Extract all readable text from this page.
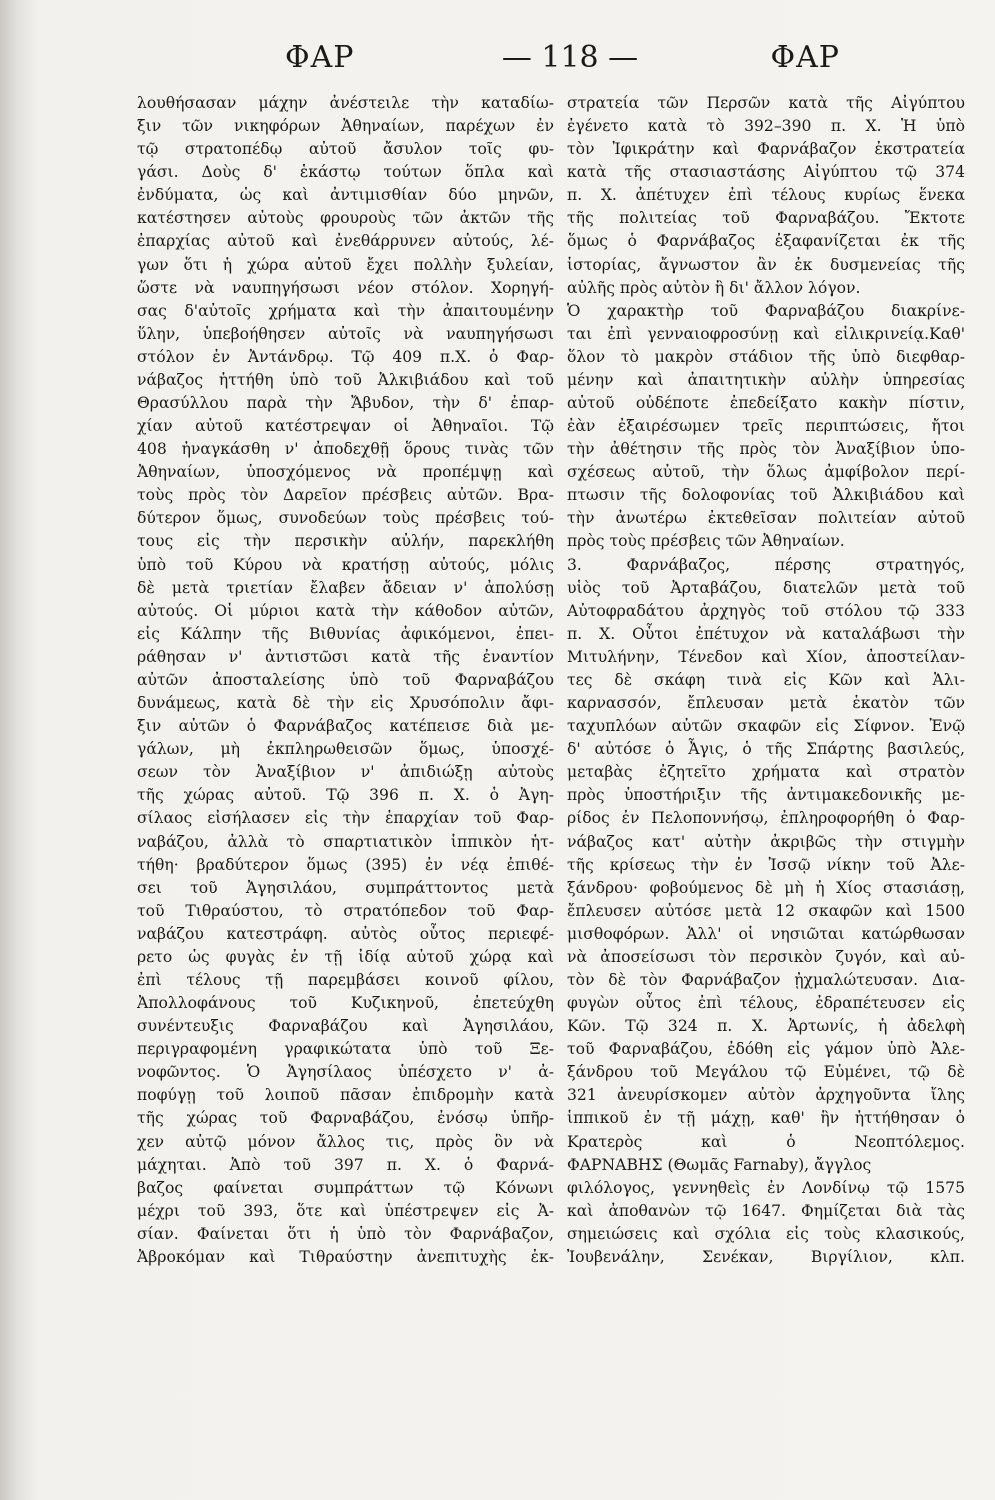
ΦΑΡ	— 118 —	ΦΑΡ
λουθήσασαν μάχην ἀνέστειλε τὴν καταδίω-
ξιν τῶν νικηφόρων Ἀθηναίων, παρέχων ἐν
τῷ στρατοπέδῳ αὐτοῦ ἄσυλον τοῖς φυ-
γάσι. Δοὺς δ' ἑκάστῳ τούτων ὅπλα καὶ
ἐνδύματα, ὡς καὶ ἀντιμισθίαν δύο μηνῶν,
κατέστησεν αὐτοὺς φρουροὺς τῶν ἀκτῶν τῆς
ἐπαρχίας αὐτοῦ καὶ ἐνεθάρρυνεν αὐτούς, λέ-
γων ὅτι ἡ χώρα αὐτοῦ ἔχει πολλὴν ξυλείαν,
ὥστε νὰ ναυπηγήσωσι νέον στόλον. Χορηγή-
σας δ'αὐτοῖς χρήματα καὶ τὴν ἀπαιτουμένην
ὕλην, ὑπεβοήθησεν αὐτοῖς νὰ ναυπηγήσωσι
στόλον ἐν Ἀντάνδρῳ. Τῷ 409 π.Χ. ὁ Φαρ-
νάβαζος ἡττήθη ὑπὸ τοῦ Ἀλκιβιάδου καὶ τοῦ
Θρασύλλου παρὰ τὴν Ἄβυδον, τὴν δ' ἐπαρ-
χίαν αὐτοῦ κατέστρεψαν οἱ Ἀθηναῖοι. Τῷ
408 ἠναγκάσθη ν' ἀποδεχθῇ ὅρους τινὰς τῶν
Ἀθηναίων, ὑποσχόμενος νὰ προπέμψῃ καὶ
τοὺς πρὸς τὸν Δαρεῖον πρέσβεις αὐτῶν. Βρα-
δύτερον ὅμως, συνοδεύων τοὺς πρέσβεις τού-
τους εἰς τὴν περσικὴν αὐλήν, παρεκλήθη
ὑπὸ τοῦ Κύρου νὰ κρατήσῃ αὐτούς, μόλις
δὲ μετὰ τριετίαν ἔλαβεν ἄδειαν ν' ἀπολύσῃ
αὐτούς. Οἱ μύριοι κατὰ τὴν κάθοδον αὐτῶν,
εἰς Κάλπην τῆς Βιθυνίας ἀφικόμενοι, ἐπει-
ράθησαν ν' ἀντιστῶσι κατὰ τῆς ἐναντίον
αὐτῶν ἀποσταλείσης ὑπὸ τοῦ Φαρναβάζου
δυνάμεως, κατὰ δὲ τὴν εἰς Χρυσόπολιν ἄφι-
ξιν αὐτῶν ὁ Φαρνάβαζος κατέπεισε διὰ με-
γάλων, μὴ ἐκπληρωθεισῶν ὅμως, ὑποσχέ-
σεων τὸν Ἀναξίβιον ν' ἀπιδιώξῃ αὐτοὺς
τῆς χώρας αὐτοῦ. Τῷ 396 π. Χ. ὁ Ἀγη-
σίλαος εἰσήλασεν εἰς τὴν ἐπαρχίαν τοῦ Φαρ-
ναβάζου, ἀλλὰ τὸ σπαρτιατικὸν ἱππικὸν ἡτ-
τήθη· βραδύτερον ὅμως (395) ἐν νέᾳ ἐπιθέ-
σει τοῦ Ἀγησιλάου, συμπράττοντος μετὰ
τοῦ Τιθραύστου, τὸ στρατόπεδον τοῦ Φαρ-
ναβάζου κατεστράφη. αὐτὸς οὗτος περιεφέ-
ρετο ὡς φυγὰς ἐν τῇ ἰδίᾳ αὐτοῦ χώρᾳ καὶ
ἐπὶ τέλους τῇ παρεμβάσει κοινοῦ φίλου,
Ἀπολλοφάνους τοῦ Κυζικηνοῦ, ἐπετεύχθη
συνέντευξις Φαρναβάζου καὶ Ἀγησιλάου,
περιγραφομένη γραφικώτατα ὑπὸ τοῦ Ξε-
νοφῶντος. Ὁ Ἀγησίλαος ὑπέσχετο ν' ἀ-
ποφύγῃ τοῦ λοιποῦ πᾶσαν ἐπιδρομὴν κατὰ
τῆς χώρας τοῦ Φαρναβάζου, ἐνόσῳ ὑπῆρ-
χεν αὐτῷ μόνον ἄλλος τις, πρὸς ὃν νὰ
μάχηται. Ἀπὸ τοῦ 397 π. Χ. ὁ Φαρνά-
βαζος φαίνεται συμπράττων τῷ Κόνωνι
μέχρι τοῦ 393, ὅτε καὶ ὑπέστρεψεν εἰς Ἀ-
σίαν. Φαίνεται ὅτι ἡ ὑπὸ τὸν Φαρνάβαζον,
Ἀβροκόμαν καὶ Τιθραύστην ἀνεπιτυχὴς ἐκ-
στρατεία τῶν Περσῶν κατὰ τῆς Αἰγύπτου
ἐγένετο κατὰ τὸ 392–390 π. Χ. Ἡ ὑπὸ
τὸν Ἰφικράτην καὶ Φαρνάβαζον ἐκστρατεία
κατὰ τῆς στασιαστάσης Αἰγύπτου τῷ 374
π. Χ. ἀπέτυχεν ἐπὶ τέλους κυρίως ἕνεκα
τῆς πολιτείας τοῦ Φαρναβάζου. Ἔκτοτε
ὅμως ὁ Φαρνάβαζος ἐξαφανίζεται ἐκ τῆς
ἱστορίας, ἄγνωστον ἂν ἐκ δυσμενείας τῆς
αὐλῆς πρὸς αὐτὸν ἢ δι' ἄλλον λόγον.
Ὁ χαρακτὴρ τοῦ Φαρναβάζου διακρίνε-
ται ἐπὶ γενναιοφροσύνῃ καὶ εἰλικρινείᾳ.Καθ'
ὅλον τὸ μακρὸν στάδιον τῆς ὑπὸ διεφθαρ-
μένην καὶ ἀπαιτητικὴν αὐλὴν ὑπηρεσίας
αὐτοῦ οὐδέποτε ἐπεδείξατο κακὴν πίστιν,
ἐὰν ἐξαιρέσωμεν τρεῖς περιπτώσεις, ἤτοι
τὴν ἀθέτησιν τῆς πρὸς τὸν Ἀναξίβιον ὑπο-
σχέσεως αὐτοῦ, τὴν ὅλως ἀμφίβολον περί-
πτωσιν τῆς δολοφονίας τοῦ Ἀλκιβιάδου καὶ
τὴν ἀνωτέρω ἐκτεθεῖσαν πολιτείαν αὐτοῦ
πρὸς τοὺς πρέσβεις τῶν Ἀθηναίων.
3. Φαρνάβαζος, πέρσης στρατηγός,
υἱὸς τοῦ Ἀρταβάζου, διατελῶν μετὰ τοῦ
Αὐτοφραδάτου ἀρχηγὸς τοῦ στόλου τῷ 333
π. Χ. Οὗτοι ἐπέτυχον νὰ καταλάβωσι τὴν
Μιτυλήνην, Τένεδον καὶ Χίον, ἀποστείλαν-
τες δὲ σκάφη τινὰ εἰς Κῶν καὶ Ἁλι-
καρνασσόν, ἔπλευσαν μετὰ ἑκατὸν τῶν
ταχυπλόων αὐτῶν σκαφῶν εἰς Σίφνον. Ἐνῷ
δ' αὐτόσε ὁ Ἆγις, ὁ τῆς Σπάρτης βασιλεύς,
μεταβὰς ἐζητεῖτο χρήματα καὶ στρατὸν
πρὸς ὑποστήριξιν τῆς ἀντιμακεδονικῆς με-
ρίδος ἐν Πελοποννήσῳ, ἐπληροφορήθη ὁ Φαρ-
νάβαζος κατ' αὐτὴν ἀκριβῶς τὴν στιγμὴν
τῆς κρίσεως τὴν ἐν Ἰσσῷ νίκην τοῦ Ἀλε-
ξάνδρου· φοβούμενος δὲ μὴ ἡ Χίος στασιάσῃ,
ἔπλευσεν αὐτόσε μετὰ 12 σκαφῶν καὶ 1500
μισθοφόρων. Ἀλλ' οἱ νησιῶται κατώρθωσαν
νὰ ἀποσείσωσι τὸν περσικὸν ζυγόν, καὶ αὐ-
τὸν δὲ τὸν Φαρνάβαζον ᾐχμαλώτευσαν. Δια-
φυγὼν οὗτος ἐπὶ τέλους, ἐδραπέτευσεν εἰς
Κῶν. Τῷ 324 π. Χ. Ἀρτωνίς, ἡ ἀδελφὴ
τοῦ Φαρναβάζου, ἐδόθη εἰς γάμον ὑπὸ Ἀλε-
ξάνδρου τοῦ Μεγάλου τῷ Εὐμένει, τῷ δὲ
321 ἀνευρίσκομεν αὐτὸν ἀρχηγοῦντα ἴλης
ἱππικοῦ ἐν τῇ μάχῃ, καθ' ἣν ἡττήθησαν ὁ
Κρατερὸς καὶ ὁ Νεοπτόλεμος.
ΦΑΡΝΑΒΗΣ (Θωμᾶς Farnaby), ἄγγλος
φιλόλογος, γεννηθεὶς ἐν Λονδίνῳ τῷ 1575
καὶ ἀποθανὼν τῷ 1647. Φημίζεται διὰ τὰς
σημειώσεις καὶ σχόλια εἰς τοὺς κλασικούς,
Ἰουβενάλην, Σενέκαν, Βιργίλιον, κλπ.
